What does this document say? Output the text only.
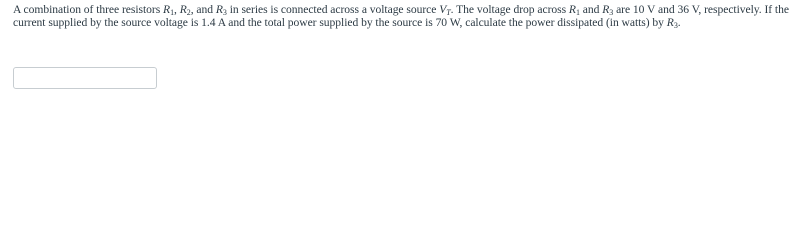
A combination of three resistors $R_1$, $R_2$, and $R_3$ in series is connected across a voltage source $V_T$. The voltage drop across $R_1$ and $R_3$ are 10 V and 36 V, respectively. If the current supplied by the source voltage is 1.4 A and the total power supplied by the source is 70 W, calculate the power dissipated (in watts) by $R_3$.
